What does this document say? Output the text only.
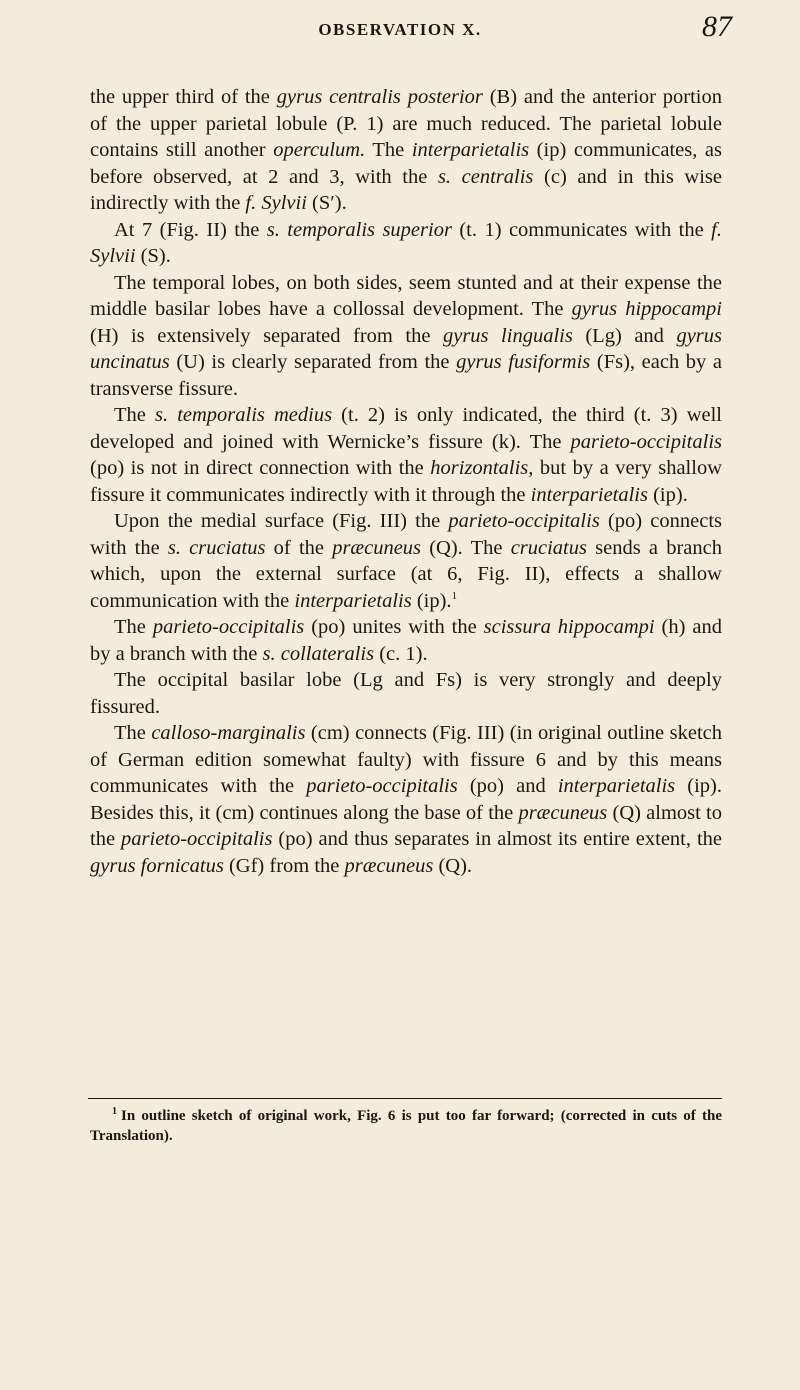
OBSERVATION X.	87

the upper third of the gyrus centralis posterior (B) and the anterior portion of the upper parietal lobule (P. 1) are much reduced. The parietal lobule contains still another operculum. The interparietalis (ip) communicates, as before observed, at 2 and 3, with the s. centralis (c) and in this wise indirectly with the f. Sylvii (S′).

At 7 (Fig. II) the s. temporalis superior (t. 1) communicates with the f. Sylvii (S).

The temporal lobes, on both sides, seem stunted and at their expense the middle basilar lobes have a collossal development. The gyrus hippocampi (H) is extensively separated from the gyrus lingualis (Lg) and gyrus uncinatus (U) is clearly separated from the gyrus fusiformis (Fs), each by a transverse fissure.

The s. temporalis medius (t. 2) is only indicated, the third (t. 3) well developed and joined with Wernicke’s fissure (k). The parieto-occipitalis (po) is not in direct connection with the horizontalis, but by a very shallow fissure it communicates indirectly with it through the interparietalis (ip).

Upon the medial surface (Fig. III) the parieto-occipitalis (po) connects with the s. cruciatus of the præcuneus (Q). The cruciatus sends a branch which, upon the external surface (at 6, Fig. II), effects a shallow communication with the interparietalis (ip).$^1$

The parieto-occipitalis (po) unites with the scissura hippocampi (h) and by a branch with the s. collateralis (c. 1).

The occipital basilar lobe (Lg and Fs) is very strongly and deeply fissured.

The calloso-marginalis (cm) connects (Fig. III) (in original outline sketch of German edition somewhat faulty) with fissure 6 and by this means communicates with the parieto-occipitalis (po) and interparietalis (ip). Besides this, it (cm) continues along the base of the præcuneus (Q) almost to the parieto-occipitalis (po) and thus separates in almost its entire extent, the gyrus fornicatus (Gf) from the præcuneus (Q).

$^1$ In outline sketch of original work, Fig. 6 is put too far forward; (corrected in cuts of the Translation).
